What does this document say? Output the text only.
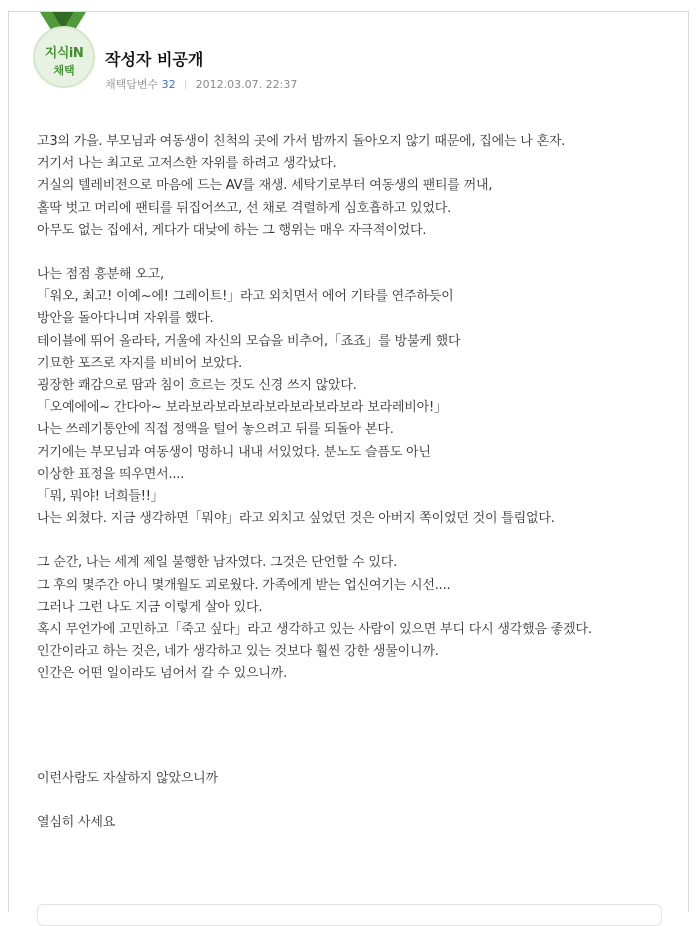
지식iN
채택
작성자 비공개
채택답변수 32 2012.03.07. 22:37

고3의 가을. 부모님과 여동생이 친척의 곳에 가서 밤까지 돌아오지 않기 때문에, 집에는 나 혼자.

거기서 나는 최고로 고저스한 자위를 하려고 생각났다.

거실의 텔레비전으로 마음에 드는 AV를 재생. 세탁기로부터 여동생의 팬티를 꺼내,

홀딱 벗고 머리에 팬티를 뒤집어쓰고, 선 채로 격렬하게 심호흡하고 있었다.

아무도 없는 집에서, 게다가 대낮에 하는 그 행위는 매우 자극적이었다.

나는 점점 흥분해 오고,

「워오, 최고! 이예~에! 그레이트!」라고 외치면서 에어 기타를 연주하듯이

방안을 돌아다니며 자위를 했다.

테이블에 뛰어 올라타, 거울에 자신의 모습을 비추어,「죠죠」를 방불케 했다

기묘한 포즈로 자지를 비비어 보았다.

굉장한 쾌감으로 땀과 침이 흐르는 것도 신경 쓰지 않았다.

「오예에에~ 간다아~ 보라보라보라보라보라보라보라보라 보라레비아!」

나는 쓰레기통안에 직접 정액을 털어 놓으려고 뒤를 되돌아 본다.

거기에는 부모님과 여동생이 멍하니 내내 서있었다. 분노도 슬픔도 아닌

이상한 표정을 띄우면서....

「뭐, 뭐야! 너희들!!」

나는 외쳤다. 지금 생각하면「뭐야」라고 외치고 싶었던 것은 아버지 쪽이었던 것이 틀림없다.

그 순간, 나는 세계 제일 불행한 남자였다. 그것은 단언할 수 있다.

그 후의 몇주간 아니 몇개월도 괴로웠다. 가족에게 받는 업신여기는 시선....

그러나 그런 나도 지금 이렇게 살아 있다.

혹시 무언가에 고민하고「죽고 싶다」라고 생각하고 있는 사람이 있으면 부디 다시 생각했음 좋겠다.

인간이라고 하는 것은, 네가 생각하고 있는 것보다 훨씬 강한 생물이니까.

인간은 어떤 일이라도 넘어서 갈 수 있으니까.

이런사람도 자살하지 않았으니까

열심히 사세요
